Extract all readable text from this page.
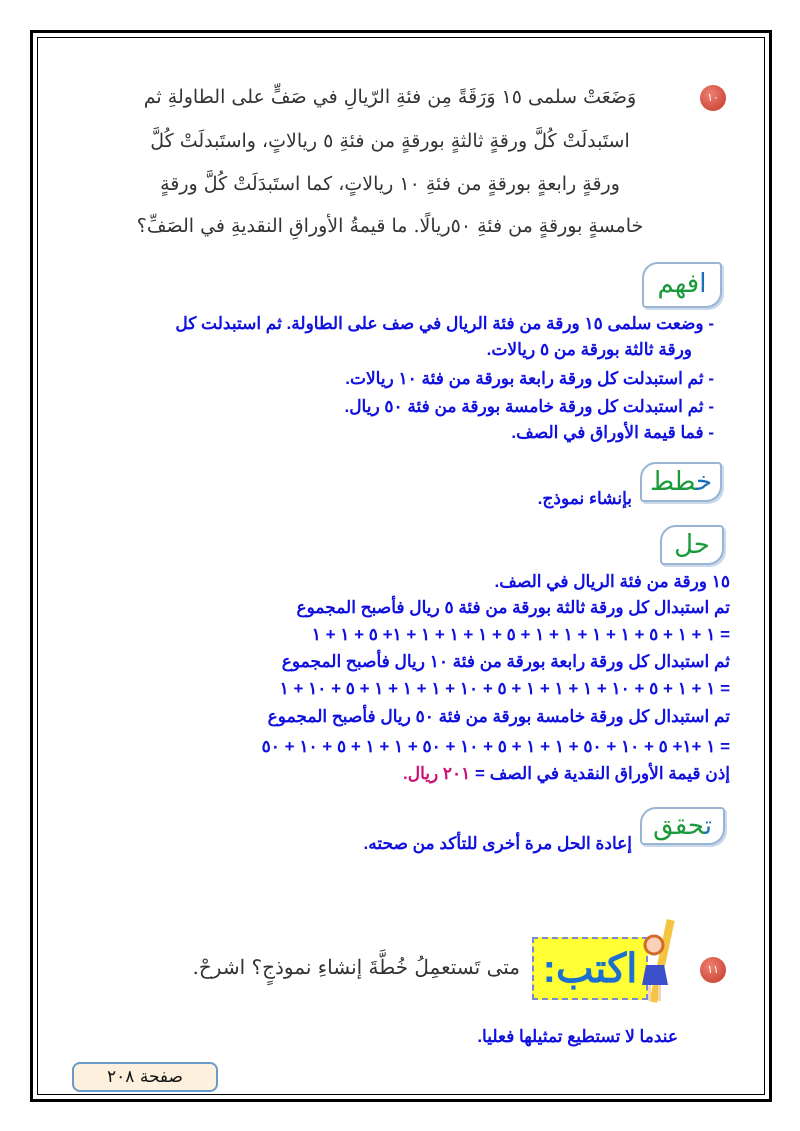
١٠
وَضَعَتْ سلمى ١٥ وَرَقَةً مِن فئةِ الرّيالِ في صَفٍّ على الطاولةِ ثم
استَبدلَتْ كُلَّ ورقةٍ ثالثةٍ بورقةٍ من فئةِ ٥ ريالاتٍ، واستَبدلَتْ كُلَّ
ورقةٍ رابعةٍ بورقةٍ من فئةِ ١٠ ريالاتٍ، كما استَبدَلَتْ كُلَّ ورقةٍ
خامسةٍ بورقةٍ من فئةِ ٥٠ريالًا. ما قيمةُ الأوراقِ النقديةِ في الصَفِّ؟
افهم
- وضعت سلمى ١٥ ورقة من فئة الريال في صف على الطاولة. ثم استبدلت كل
ورقة ثالثة بورقة من ٥ ريالات.
- ثم استبدلت كل ورقة رابعة بورقة من فئة ١٠ ريالات.
- ثم استبدلت كل ورقة خامسة بورقة من فئة ٥٠ ريال.
- فما قيمة الأوراق في الصف.
خطط
بإنشاء نموذج.
حل
١٥ ورقة من فئة الريال في الصف.
تم استبدال كل ورقة ثالثة بورقة من فئة ٥ ريال فأصبح المجموع
= ١ + ١ + ٥ + ١ + ١ + ١ + ١ + ٥ + ١ + ١ + ١ + ١+ ٥ + ١ + ١
ثم استبدال كل ورقة رابعة بورقة من فئة ١٠ ريال فأصبح المجموع
= ١ + ١ + ٥ + ١٠ + ١ + ١ + ١ + ٥ + ١٠ + ١ + ١ + ١ + ٥ + ١٠ + ١
تم استبدال كل ورقة خامسة بورقة من فئة ٥٠ ريال فأصبح المجموع
= ١ +١+ ٥ + ١٠ + ٥٠ + ١ + ١ + ٥ + ١٠ + ٥٠ + ١ + ١ + ٥ + ١٠ + ٥٠
إذن قيمة الأوراق النقدية في الصف = ٢٠١ ريال.
تحقق
إعادة الحل مرة أخرى للتأكد من صحته.
١١
اكتب:
متى تَستعمِلُ خُطَّةَ إنشاءِ نموذجٍ؟ اشرحْ.
عندما لا تستطيع تمثيلها فعليا.
صفحة ٢٠٨
